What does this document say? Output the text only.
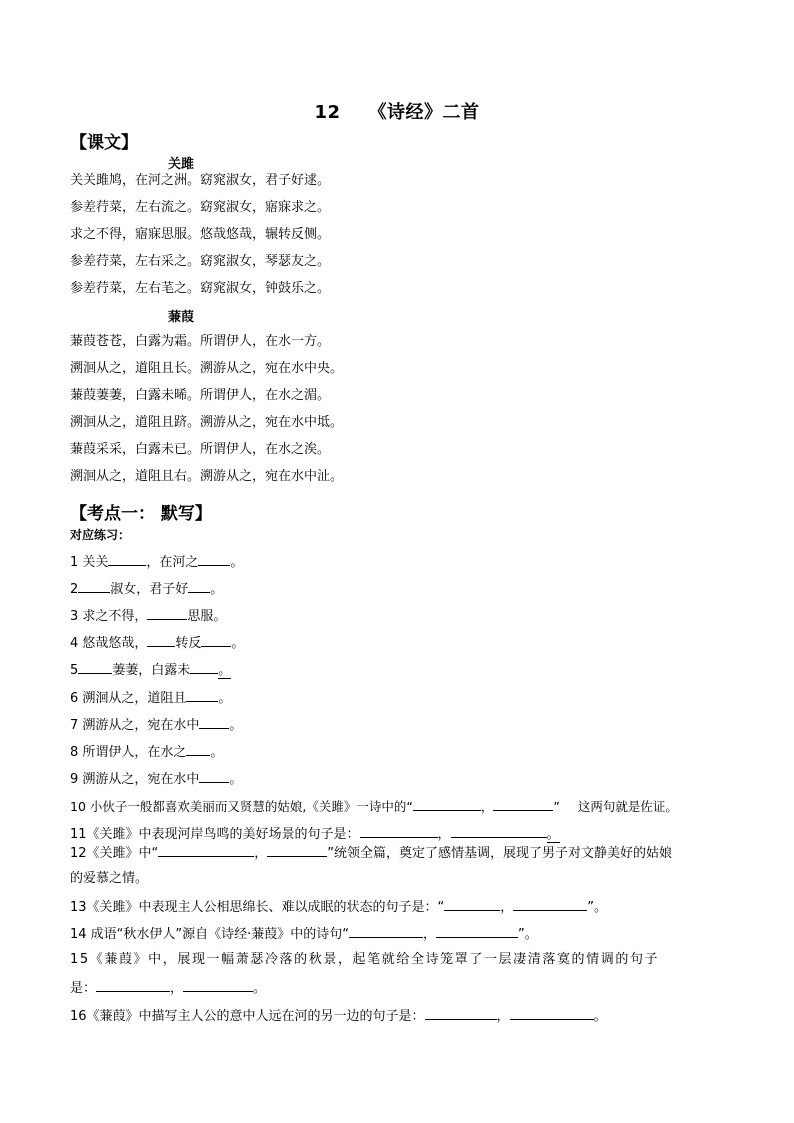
12 《诗经》二首
【课文】
关雎
关关雎鸠，在河之洲。窈窕淑女，君子好逑。
参差荇菜，左右流之。窈窕淑女，寤寐求之。
求之不得，寤寐思服。悠哉悠哉，辗转反侧。
参差荇菜，左右采之。窈窕淑女，琴瑟友之。
参差荇菜，左右芼之。窈窕淑女，钟鼓乐之。
蒹葭
蒹葭苍苍，白露为霜。所谓伊人，在水一方。
溯洄从之，道阻且长。溯游从之，宛在水中央。
蒹葭萋萋，白露未晞。所谓伊人，在水之湄。
溯洄从之，道阻且跻。溯游从之，宛在水中坻。
蒹葭采采，白露未已。所谓伊人，在水之涘。
溯洄从之，道阻且右。溯游从之，宛在水中沚。
【考点一： 默写】
对应练习：
1 关关	，在河之 。
2 淑女，君子好 。
3 求之不得，	思服。
4 悠哉悠哉， 转反 。
5	萋萋，白露未 。
6 溯洄从之，道阻且 。
7 溯游从之，宛在水中 。
8 所谓伊人，在水之 。
9 溯游从之，宛在水中 。
10 小伙子一般都喜欢美丽而又贤慧的姑娘,《关雎》一诗中的“	，	” 这两句就是佐证。
11《关雎》中表现河岸鸟鸣的美好场景的句子是：	，	。
12《关雎》中“	，	”统领全篇，奠定了感情基调，展现了男子对文静美好的姑娘
的爱慕之情。
13《关雎》中表现主人公相思绵长、难以成眠的状态的句子是：“	，	”。
14 成语“秋水伊人”源自《诗经·蒹葭》中的诗句“	，	”。
15《蒹葭》中，展现一幅萧瑟冷落的秋景，起笔就给全诗笼罩了一层凄清落寞的情调的句子
是：	，	。
16《蒹葭》中描写主人公的意中人远在河的另一边的句子是：	，	。
